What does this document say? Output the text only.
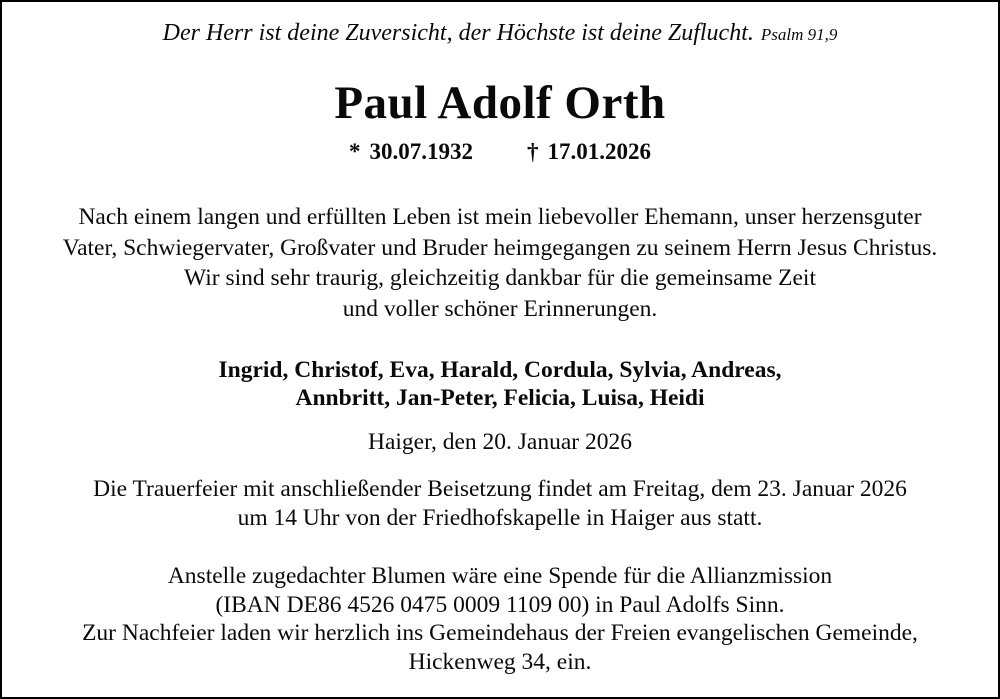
Der Herr ist deine Zuversicht, der Höchste ist deine Zuflucht. Psalm 91,9
Paul Adolf Orth
* 30.07.1932 † 17.01.2026
Nach einem langen und erfüllten Leben ist mein liebevoller Ehemann, unser herzensguter
Vater, Schwiegervater, Großvater und Bruder heimgegangen zu seinem Herrn Jesus Christus.
Wir sind sehr traurig, gleichzeitig dankbar für die gemeinsame Zeit
und voller schöner Erinnerungen.
Ingrid, Christof, Eva, Harald, Cordula, Sylvia, Andreas,
Annbritt, Jan-Peter, Felicia, Luisa, Heidi
Haiger, den 20. Januar 2026
Die Trauerfeier mit anschließender Beisetzung findet am Freitag, dem 23. Januar 2026
um 14 Uhr von der Friedhofskapelle in Haiger aus statt.
Anstelle zugedachter Blumen wäre eine Spende für die Allianzmission
(IBAN DE86 4526 0475 0009 1109 00) in Paul Adolfs Sinn.
Zur Nachfeier laden wir herzlich ins Gemeindehaus der Freien evangelischen Gemeinde,
Hickenweg 34, ein.
